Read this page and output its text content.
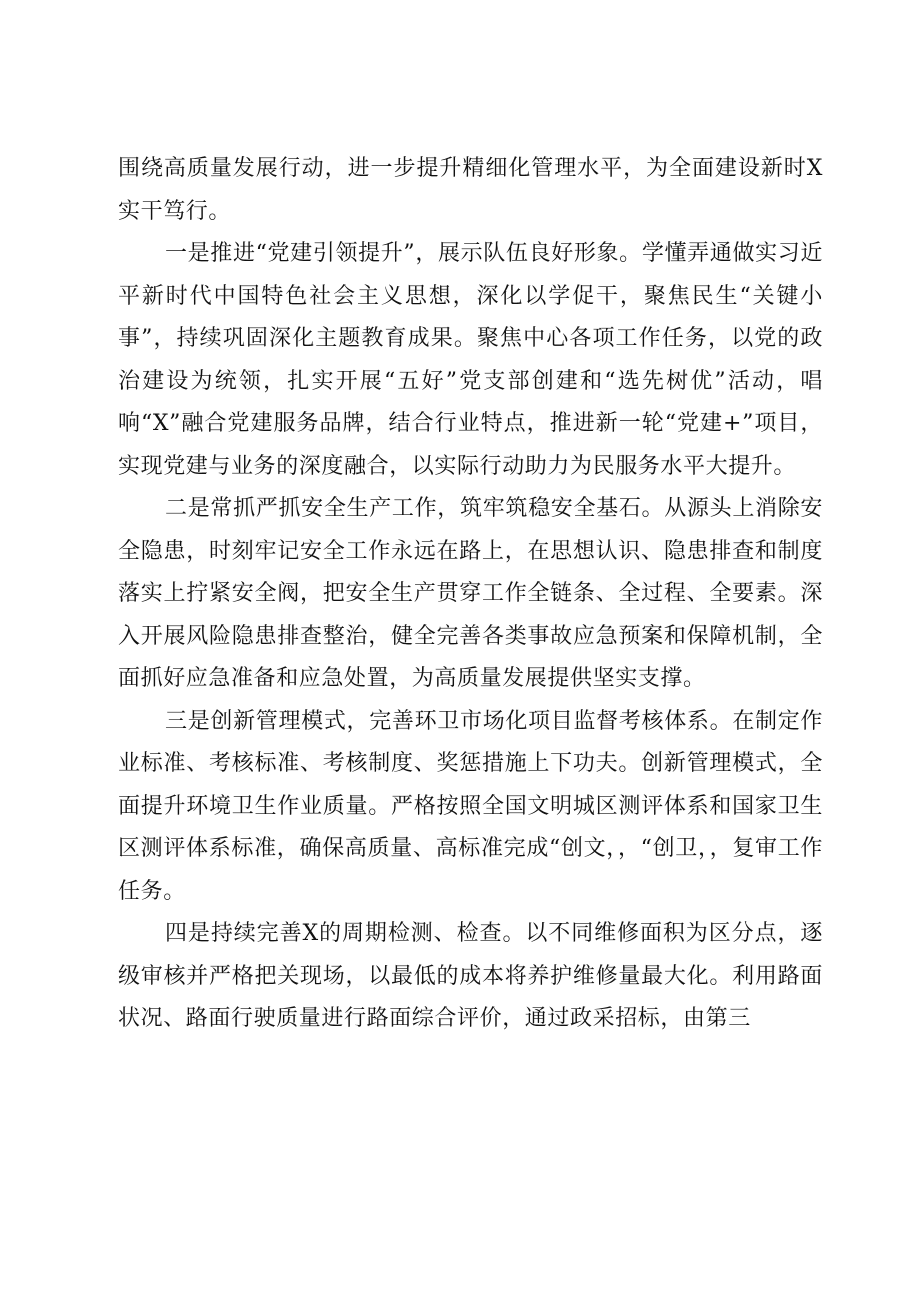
围绕高质量发展行动，进一步提升精细化管理水平，为全面建设新时X实干笃行。

一是推进“党建引领提升”，展示队伍良好形象。学懂弄通做实习近平新时代中国特色社会主义思想，深化以学促干，聚焦民生“关键小事”，持续巩固深化主题教育成果。聚焦中心各项工作任务，以党的政治建设为统领，扎实开展“五好”党支部创建和“选先树优”活动，唱响“X”融合党建服务品牌，结合行业特点，推进新一轮“党建+”项目，实现党建与业务的深度融合，以实际行动助力为民服务水平大提升。

二是常抓严抓安全生产工作，筑牢筑稳安全基石。从源头上消除安全隐患，时刻牢记安全工作永远在路上，在思想认识、隐患排查和制度落实上拧紧安全阀，把安全生产贯穿工作全链条、全过程、全要素。深入开展风险隐患排查整治，健全完善各类事故应急预案和保障机制，全面抓好应急准备和应急处置，为高质量发展提供坚实支撑。

三是创新管理模式，完善环卫市场化项目监督考核体系。在制定作业标准、考核标准、考核制度、奖惩措施上下功夫。创新管理模式，全面提升环境卫生作业质量。严格按照全国文明城区测评体系和国家卫生区测评体系标准，确保高质量、高标准完成“创文，，“创卫，，复审工作任务。

四是持续完善X的周期检测、检查。以不同维修面积为区分点，逐级审核并严格把关现场，以最低的成本将养护维修量最大化。利用路面状况、路面行驶质量进行路面综合评价，通过政采招标，由第三
